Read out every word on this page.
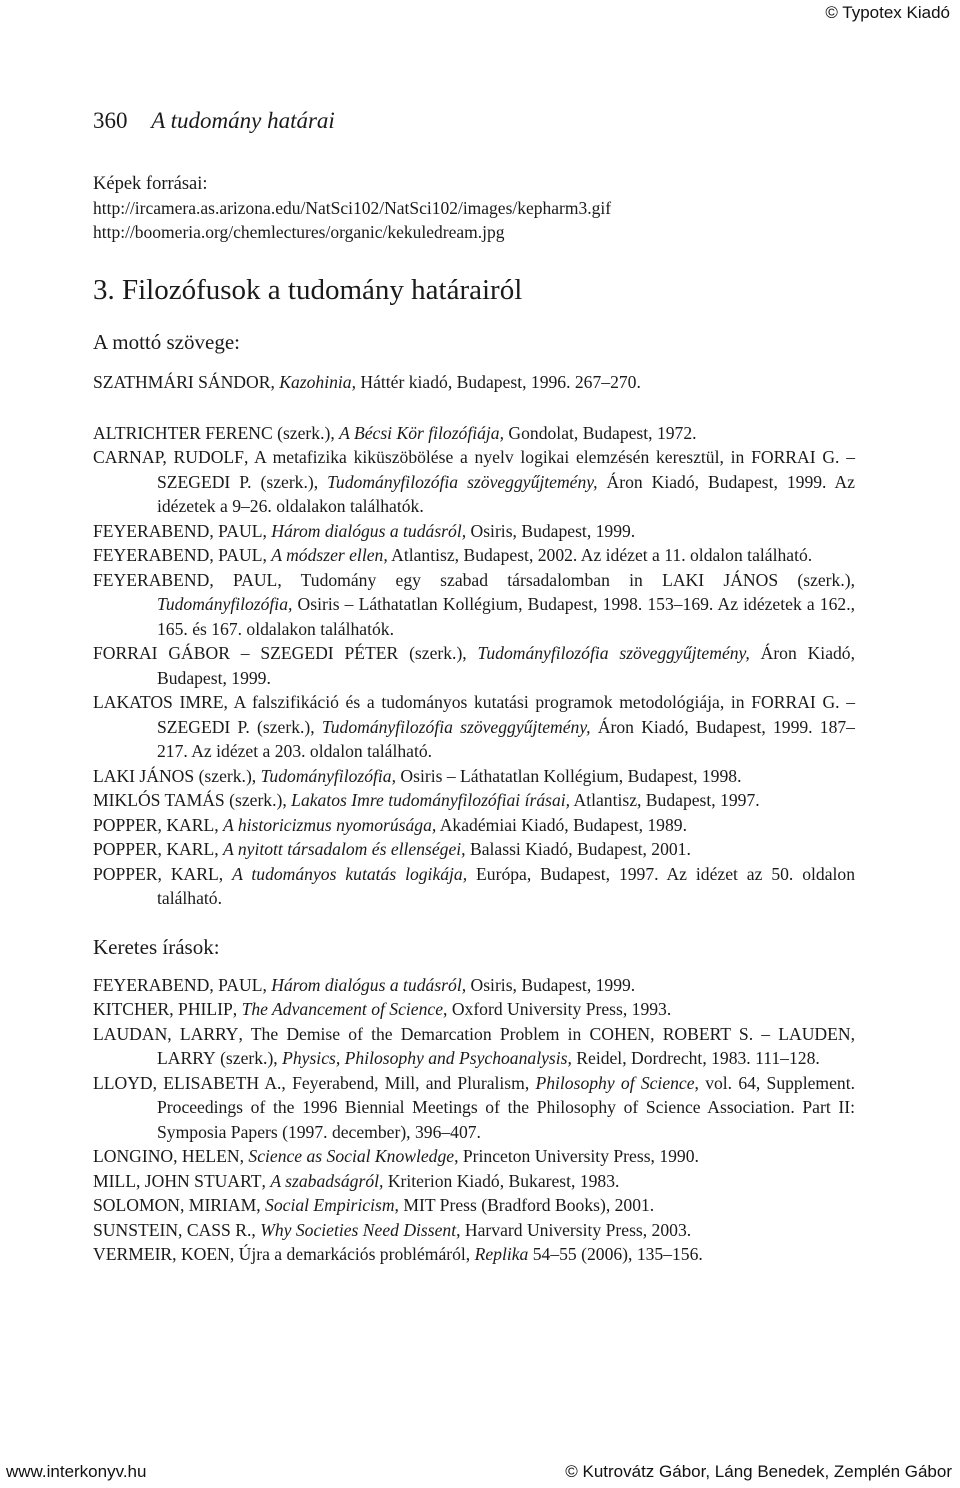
© Typotex Kiadó
360 A tudomány határai
Képek forrásai:
http://ircamera.as.arizona.edu/NatSci102/NatSci102/images/kepharm3.gif
http://boomeria.org/chemlectures/organic/kekuledream.jpg
3. Filozófusok a tudomány határairól
A mottó szövege:
SZATHMÁRI SÁNDOR, Kazohinia, Háttér kiadó, Budapest, 1996. 267–270.
ALTRICHTER FERENC (szerk.), A Bécsi Kör filozófiája, Gondolat, Budapest, 1972.
CARNAP, RUDOLF, A metafizika kiküszöbölése a nyelv logikai elemzésén keresztül, in FORRAI G. – SZEGEDI P. (szerk.), Tudományfilozófia szöveggyűjtemény, Áron Kiadó, Budapest, 1999. Az idézetek a 9–26. oldalakon találhatók.
FEYERABEND, PAUL, Három dialógus a tudásról, Osiris, Budapest, 1999.
FEYERABEND, PAUL, A módszer ellen, Atlantisz, Budapest, 2002. Az idézet a 11. oldalon található.
FEYERABEND, PAUL, Tudomány egy szabad társadalomban in LAKI JÁNOS (szerk.), Tudományfilozófia, Osiris – Láthatatlan Kollégium, Budapest, 1998. 153–169. Az idézetek a 162., 165. és 167. oldalakon találhatók.
FORRAI GÁBOR – SZEGEDI PÉTER (szerk.), Tudományfilozófia szöveggyűjtemény, Áron Kiadó, Budapest, 1999.
LAKATOS IMRE, A falszifikáció és a tudományos kutatási programok metodológiája, in FORRAI G. – SZEGEDI P. (szerk.), Tudományfilozófia szöveggyűjtemény, Áron Kiadó, Budapest, 1999. 187–217. Az idézet a 203. oldalon található.
LAKI JÁNOS (szerk.), Tudományfilozófia, Osiris – Láthatatlan Kollégium, Budapest, 1998.
MIKLÓS TAMÁS (szerk.), Lakatos Imre tudományfilozófiai írásai, Atlantisz, Budapest, 1997.
POPPER, KARL, A historicizmus nyomorúsága, Akadémiai Kiadó, Budapest, 1989.
POPPER, KARL, A nyitott társadalom és ellenségei, Balassi Kiadó, Budapest, 2001.
POPPER, KARL, A tudományos kutatás logikája, Európa, Budapest, 1997. Az idézet az 50. oldalon található.
Keretes írások:
FEYERABEND, PAUL, Három dialógus a tudásról, Osiris, Budapest, 1999.
KITCHER, PHILIP, The Advancement of Science, Oxford University Press, 1993.
LAUDAN, LARRY, The Demise of the Demarcation Problem in COHEN, ROBERT S. – LAUDEN, LARRY (szerk.), Physics, Philosophy and Psychoanalysis, Reidel, Dordrecht, 1983. 111–128.
LLOYD, ELISABETH A., Feyerabend, Mill, and Pluralism, Philosophy of Science, vol. 64, Supplement. Proceedings of the 1996 Biennial Meetings of the Philosophy of Science Association. Part II: Symposia Papers (1997. december), 396–407.
LONGINO, HELEN, Science as Social Knowledge, Princeton University Press, 1990.
MILL, JOHN STUART, A szabadságról, Kriterion Kiadó, Bukarest, 1983.
SOLOMON, MIRIAM, Social Empiricism, MIT Press (Bradford Books), 2001.
SUNSTEIN, CASS R., Why Societies Need Dissent, Harvard University Press, 2003.
VERMEIR, KOEN, Újra a demarkációs problémáról, Replika 54–55 (2006), 135–156.
www.interkonyv.hu	© Kutrovátz Gábor, Láng Benedek, Zemplén Gábor
